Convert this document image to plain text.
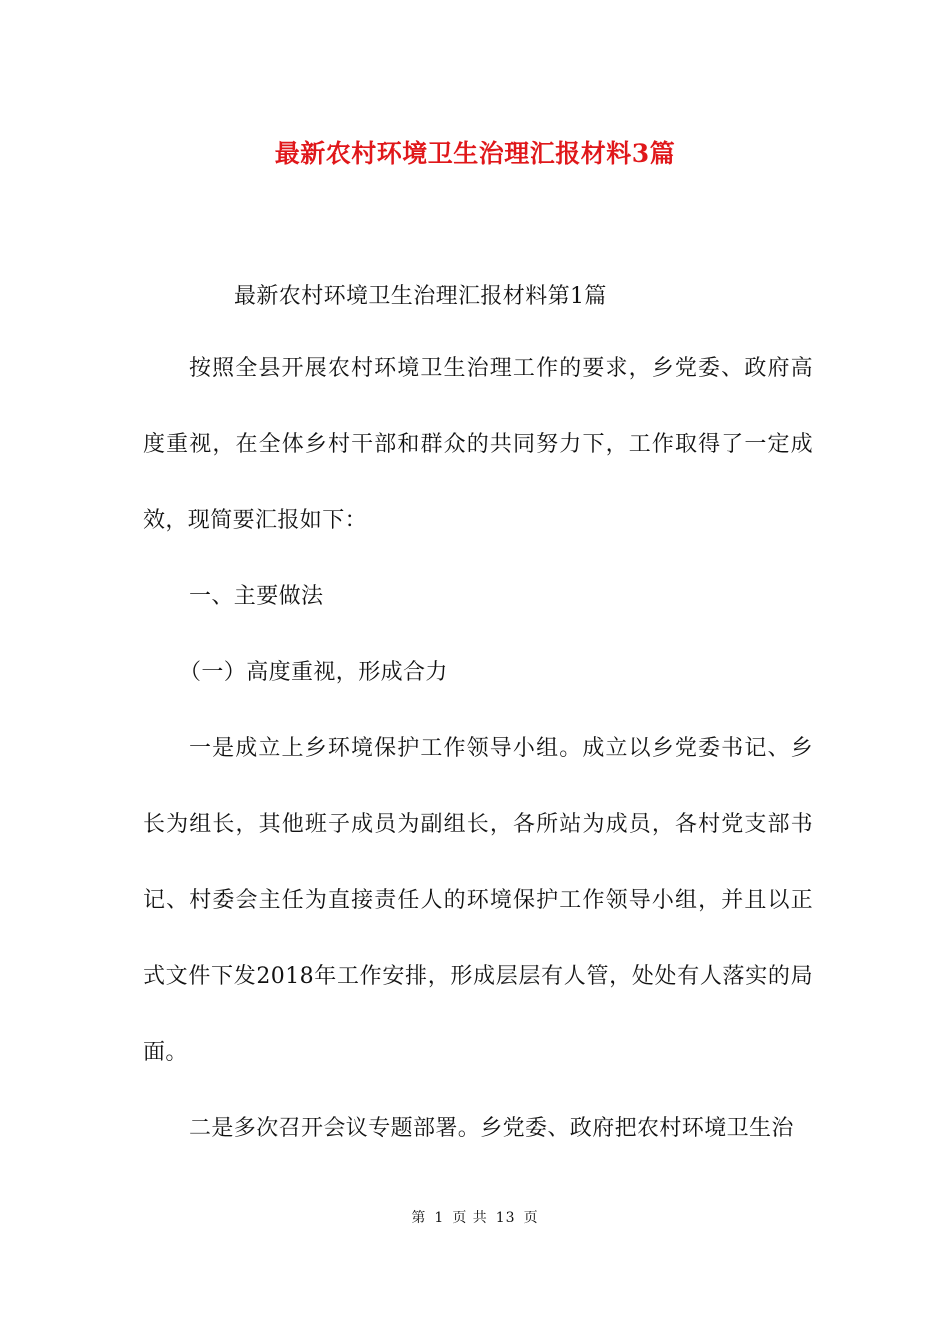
最新农村环境卫生治理汇报材料3篇
最新农村环境卫生治理汇报材料第1篇

按照全县开展农村环境卫生治理工作的要求，乡党委、政府高度重视，在全体乡村干部和群众的共同努力下，工作取得了一定成效，现简要汇报如下：

一、主要做法

（一）高度重视，形成合力

一是成立上乡环境保护工作领导小组。成立以乡党委书记、乡长为组长，其他班子成员为副组长，各所站为成员，各村党支部书记、村委会主任为直接责任人的环境保护工作领导小组，并且以正式文件下发2018年工作安排，形成层层有人管，处处有人落实的局面。

二是多次召开会议专题部署。乡党委、政府把农村环境卫生治

第 1 页 共 13 页
